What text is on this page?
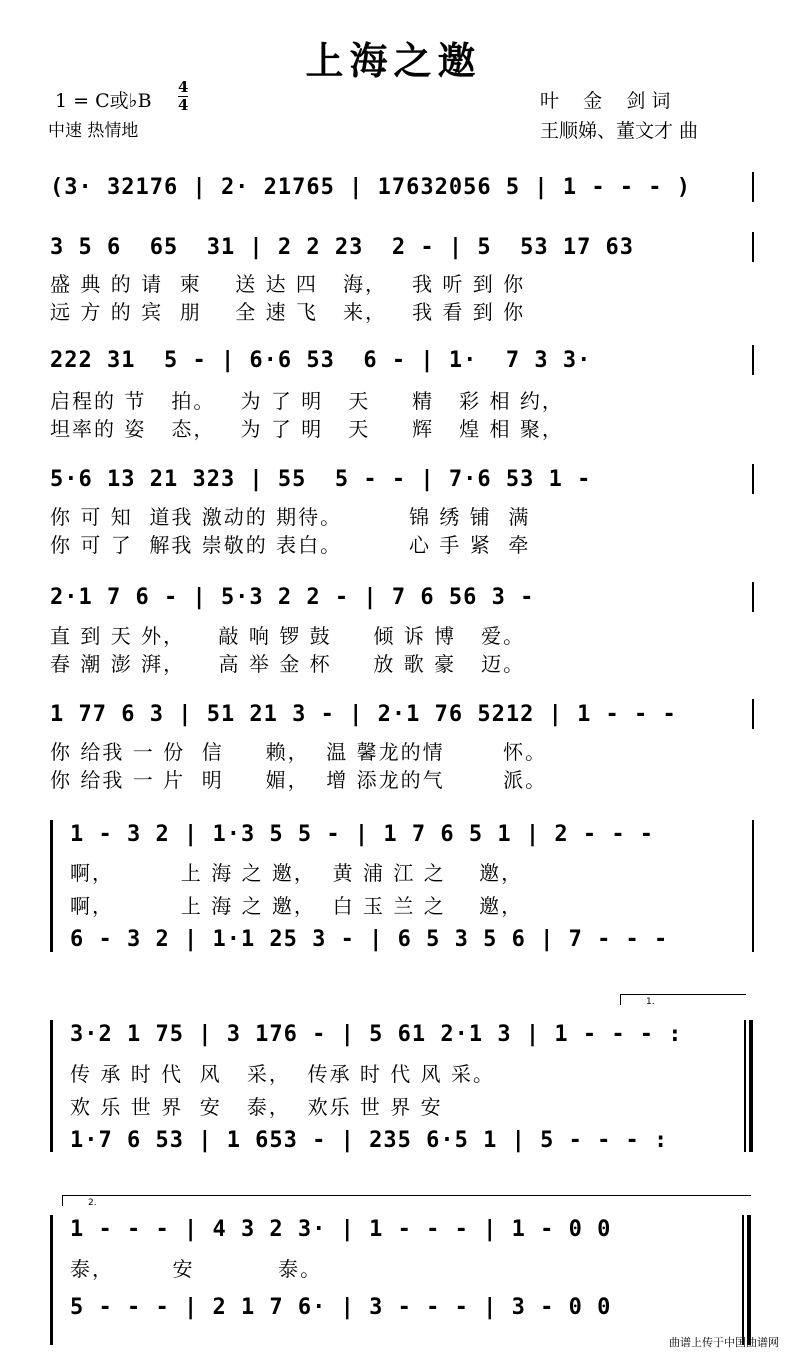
上海之邀
1 = C或♭B
4
4
中速 热情地
叶    金    剑 词
王顺娣、董文才 曲
(3· 32176 | 2· 21765 | 17632056 5 | 1 - - - )
3 5 6  65  31 | 2 2 23  2 - | 5  53 17 63
盛 典 的 请  柬    送 达 四   海，   我 听 到 你
远 方 的 宾  朋    全 速 飞   来，   我 看 到 你
222 31  5 - | 6·6 53  6 - | 1·  7 3 3·
启程的 节   拍。   为 了 明   天     精   彩 相 约，
坦率的 姿   态，   为 了 明   天     辉   煌 相 聚，
5·6 13 21 323 | 55  5 - - | 7·6 53 1 -
你 可 知  道我 激动的 期待。        锦 绣 铺  满
你 可 了  解我 崇敬的 表白。        心 手 紧  牵
2·1 7 6 - | 5·3 2 2 - | 7 6 56 3 -
直 到 天 外，    敲 响 锣 鼓     倾 诉 博   爱。
春 潮 澎 湃，    高 举 金 杯     放 歌 豪   迈。
1 77 6 3 | 51 21 3 - | 2·1 76 5212 | 1 - - -
你 给我 一 份  信     赖，  温 馨龙的情       怀。
你 给我 一 片  明     媚，  增 添龙的气       派。
1 - 3 2 | 1·3 5 5 - | 1 7 6 5 1 | 2 - - -
啊，        上 海 之 邀，  黄 浦 江 之    邀，
啊，        上 海 之 邀，  白 玉 兰 之    邀，
6 - 3 2 | 1·1 25 3 - | 6 5 3 5 6 | 7 - - -
1.
3·2 1 75 | 3 176 - | 5 61 2·1 3 | 1 - - - :
传 承 时 代  风   采，  传承 时 代 风 采。
欢 乐 世 界  安   泰，  欢乐 世 界 安
1·7 6 53 | 1 653 - | 235 6·5 1 | 5 - - - :
2.
1 - - - | 4 3 2 3· | 1 - - - | 1 - 0 0
泰，       安          泰。
5 - - - | 2 1 7 6· | 3 - - - | 3 - 0 0
曲谱上传于中国曲谱网
